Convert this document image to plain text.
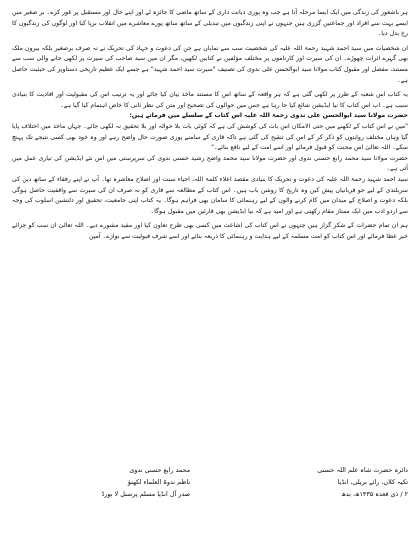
ہر باشعور کی زندگی میں ایک ایسا مرحلہ آتا ہے جب وہ پوری دیانت داری کے ساتھ ماضی کا جائزہ لے اور اپنے حال اور مستقبل پر غور کرے۔ بر صغیر میں ایسے بہت سے افراد اور جماعتیں گزری ہیں جنہوں نے اپنی زندگیوں میں تبدیلی کے ساتھ ساتھ پورے معاشرے میں انقلاب برپا کیا اور لوگوں کی زندگیوں کا رخ بدل دیا۔

ان شخصیات میں سید احمد شہید رحمۃ اللہ علیہ کی شخصیت سب سے نمایاں ہے جن کی دعوت و جہاد کی تحریک نے نہ صرف برصغیر بلکہ بیرون ملک بھی گہرے اثرات چھوڑے۔ ان کی سیرت اور کارناموں پر مختلف مؤلفین نے کتابیں لکھیں، مگر ان میں سید صاحب کی سیرت پر لکھی جانے والی سب سے مستند، مفصل اور مقبول کتاب مولانا سید ابوالحسن علی ندوی کی تصنیف "سیرت سید احمد شہید" ہے جسے ایک عظیم تاریخی دستاویز کی حیثیت حاصل ہے۔

یہ کتاب اس شعبہ کے طرز پر لکھی گئی ہے کہ ہر واقعہ کے ساتھ اس کا مستند ماخذ بیان کیا جائے اور یہ ترتیب اس کی مقبولیت اور افادیت کا بنیادی سبب ہے۔ اب اس کتاب کا نیا ایڈیشن شائع کیا جا رہا ہے جس میں حوالوں کی تصحیح اور متن کی نظر ثانی کا خاص اہتمام کیا گیا ہے۔

حضرت مولانا سید ابوالحسن علی ندوی رحمۃ اللہ علیہ اس کتاب کے سلسلے میں فرماتے ہیں:

"میں نے اس کتاب کے لکھنے میں حتی الامکان اس بات کی کوشش کی ہے کہ کوئی بات بلا حوالہ اور بلا تحقیق نہ لکھی جائے۔ جہاں ماخذ میں اختلاف پایا گیا وہاں مختلف روایتوں کو ذکر کر کے اس کی تنقیح کی گئی ہے تاکہ قاری کے سامنے پوری صورت حال واضح رہے اور وہ خود بھی کسی نتیجے تک پہنچ سکے۔ اللہ تعالیٰ اس محنت کو قبول فرمائے اور اسے امت کے لیے نافع بنائے۔"

حضرت مولانا سید محمد رابع حسنی ندوی اور حضرت مولانا سید محمد واضح رشید حسنی ندوی کی سرپرستی میں اس نئے ایڈیشن کی تیاری عمل میں آئی ہے۔

سید احمد شہید رحمۃ اللہ علیہ کی دعوت و تحریک کا بنیادی مقصد اعلاء کلمۃ اللہ، احیاء سنت اور اصلاح معاشرہ تھا۔ آپ نے اپنے رفقاء کے ساتھ دین کی سربلندی کے لیے جو قربانیاں پیش کیں وہ تاریخ کا روشن باب ہیں۔ اس کتاب کے مطالعہ سے قاری کو نہ صرف ان کی سیرت سے واقفیت حاصل ہوگی بلکہ دعوت و اصلاح کے میدان میں کام کرنے والوں کے لیے رہنمائی کا سامان بھی فراہم ہوگا۔ یہ کتاب اپنی جامعیت، تحقیق اور دلنشین اسلوب کی وجہ سے اردو ادب میں ایک ممتاز مقام رکھتی ہے اور امید ہے کہ نیا ایڈیشن بھی قارئین میں مقبول ہوگا۔

ہم ان تمام حضرات کے شکر گزار ہیں جنہوں نے اس کتاب کی اشاعت میں کسی بھی طرح تعاون کیا اور مفید مشورے دیے۔ اللہ تعالیٰ ان سب کو جزائے خیر عطا فرمائے اور اس کتاب کو امت مسلمہ کے لیے ہدایت و رہنمائی کا ذریعہ بنائے اور اسے شرف قبولیت سے نوازے۔ آمین

دائرہ حضرت شاہ علم اللہ حسنی
تکیہ کلاں، رائے بریلی، انڈیا
۲ / ذی قعدہ ۱۴۳۵ھ، بدھ
محمد رابع حسنی ندوی
ناظم ندوۃ العلماء لکھنؤ
صدر آل انڈیا مسلم پرسنل لا بورڈ
